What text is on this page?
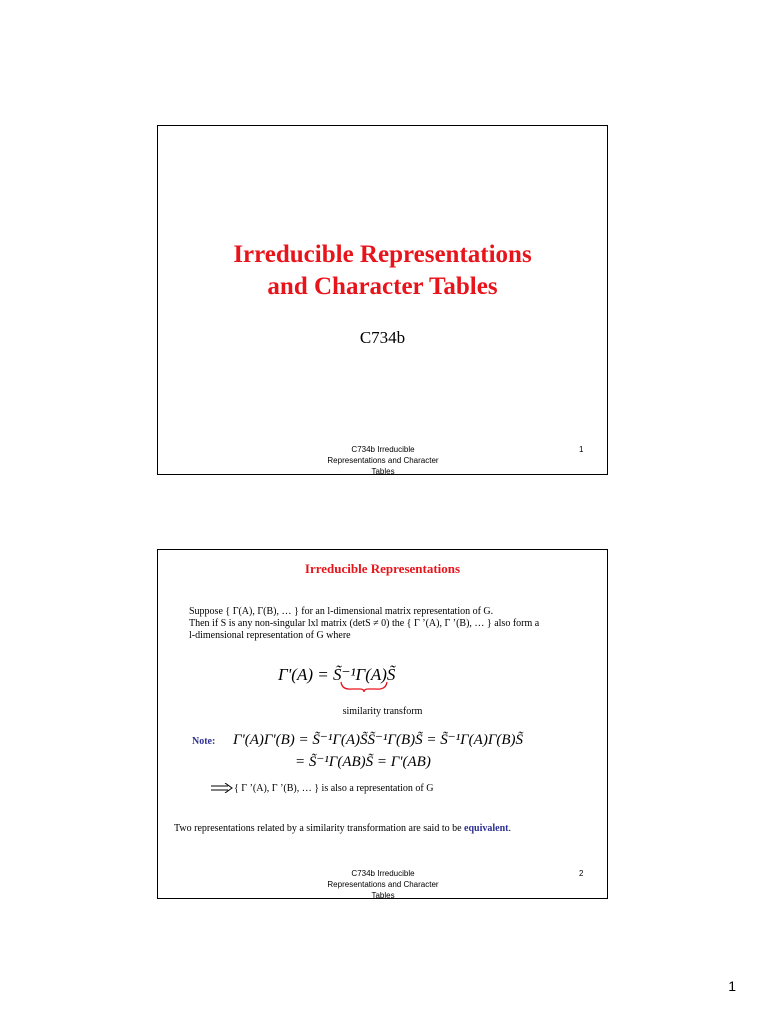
Irreducible Representations
and Character Tables
C734b
C734b Irreducible
Representations and Character
Tables
1
Irreducible Representations
Suppose { Γ(A), Γ(B), … } for an l-dimensional matrix representation of G.
Then if S is any non-singular lxl matrix (detS ≠ 0) the { Γ ’(A), Γ ’(B), … } also form a
l-dimensional representation of G where
Γ'(A) = S̃⁻¹Γ(A)S̃
similarity transform
Note: Γ'(A)Γ'(B) = S̃⁻¹Γ(A)S̃S̃⁻¹Γ(B)S̃ = S̃⁻¹Γ(A)Γ(B)S̃
= S̃⁻¹Γ(AB)S̃ = Γ'(AB)
{ Γ ’(A), Γ ’(B), … } is also a representation of G
Two representations related by a similarity transformation are said to be equivalent.
C734b Irreducible
Representations and Character
Tables
2
1
